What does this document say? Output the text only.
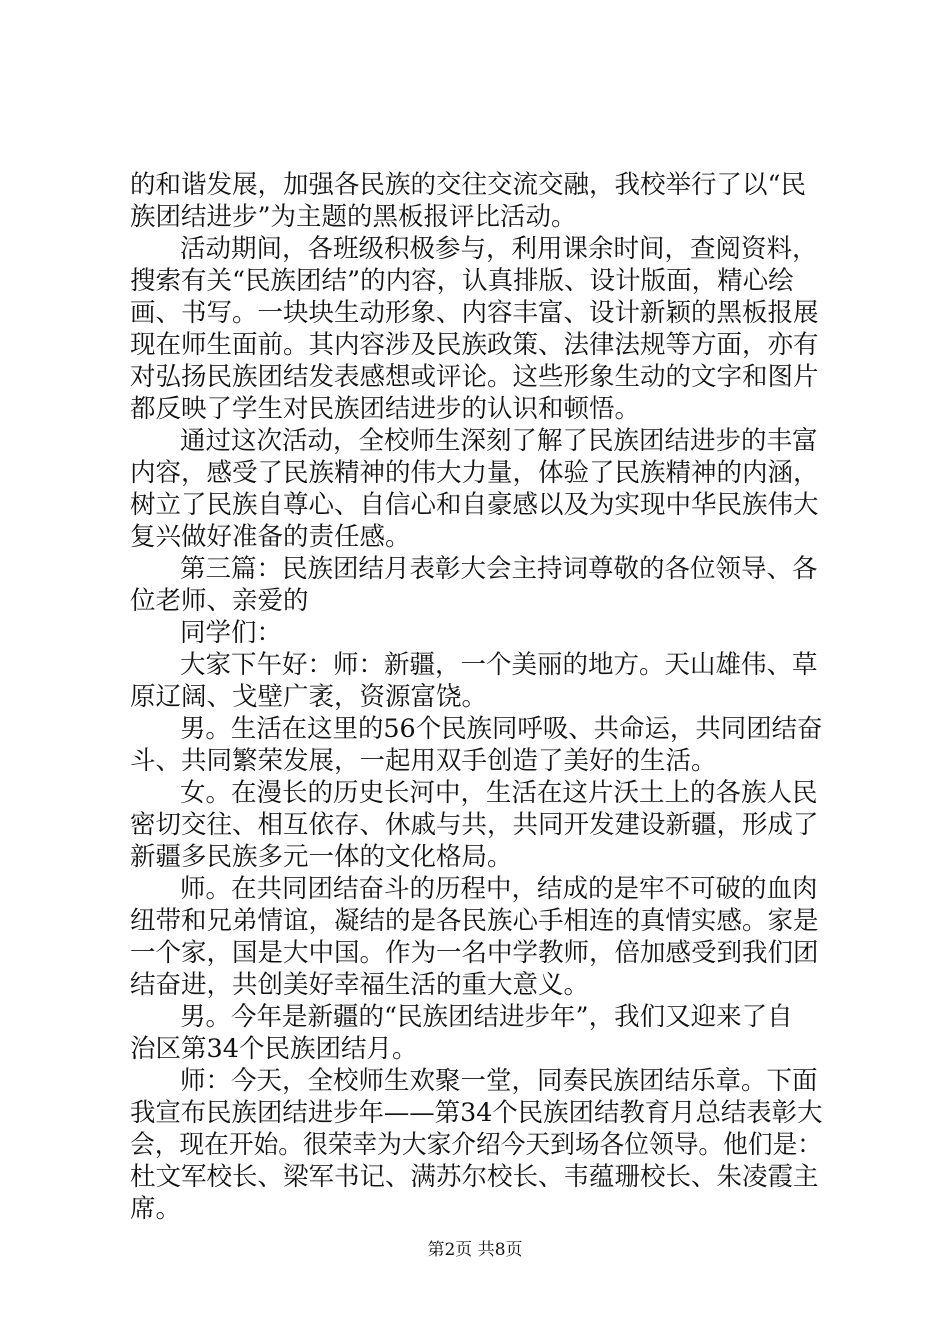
的和谐发展，加强各民族的交往交流交融，我校举行了以“民
族团结进步”为主题的黑板报评比活动。
活动期间，各班级积极参与，利用课余时间，查阅资料，
搜索有关“民族团结”的内容，认真排版、设计版面，精心绘
画、书写。一块块生动形象、内容丰富、设计新颖的黑板报展
现在师生面前。其内容涉及民族政策、法律法规等方面，亦有
对弘扬民族团结发表感想或评论。这些形象生动的文字和图片
都反映了学生对民族团结进步的认识和顿悟。
通过这次活动，全校师生深刻了解了民族团结进步的丰富
内容，感受了民族精神的伟大力量，体验了民族精神的内涵，
树立了民族自尊心、自信心和自豪感以及为实现中华民族伟大
复兴做好准备的责任感。
第三篇：民族团结月表彰大会主持词尊敬的各位领导、各
位老师、亲爱的
同学们：
大家下午好：师：新疆，一个美丽的地方。天山雄伟、草
原辽阔、戈壁广袤，资源富饶。
男。生活在这里的56个民族同呼吸、共命运，共同团结奋
斗、共同繁荣发展，一起用双手创造了美好的生活。
女。在漫长的历史长河中，生活在这片沃土上的各族人民
密切交往、相互依存、休戚与共，共同开发建设新疆，形成了
新疆多民族多元一体的文化格局。
师。在共同团结奋斗的历程中，结成的是牢不可破的血肉
纽带和兄弟情谊，凝结的是各民族心手相连的真情实感。家是
一个家，国是大中国。作为一名中学教师，倍加感受到我们团
结奋进，共创美好幸福生活的重大意义。
男。今年是新疆的“民族团结进步年”，我们又迎来了自
治区第34个民族团结月。
师：今天，全校师生欢聚一堂，同奏民族团结乐章。下面
我宣布民族团结进步年——第34个民族团结教育月总结表彰大
会，现在开始。很荣幸为大家介绍今天到场各位领导。他们是：
杜文军校长、梁军书记、满苏尔校长、韦蕴珊校长、朱凌霞主
席。
第2页 共8页
